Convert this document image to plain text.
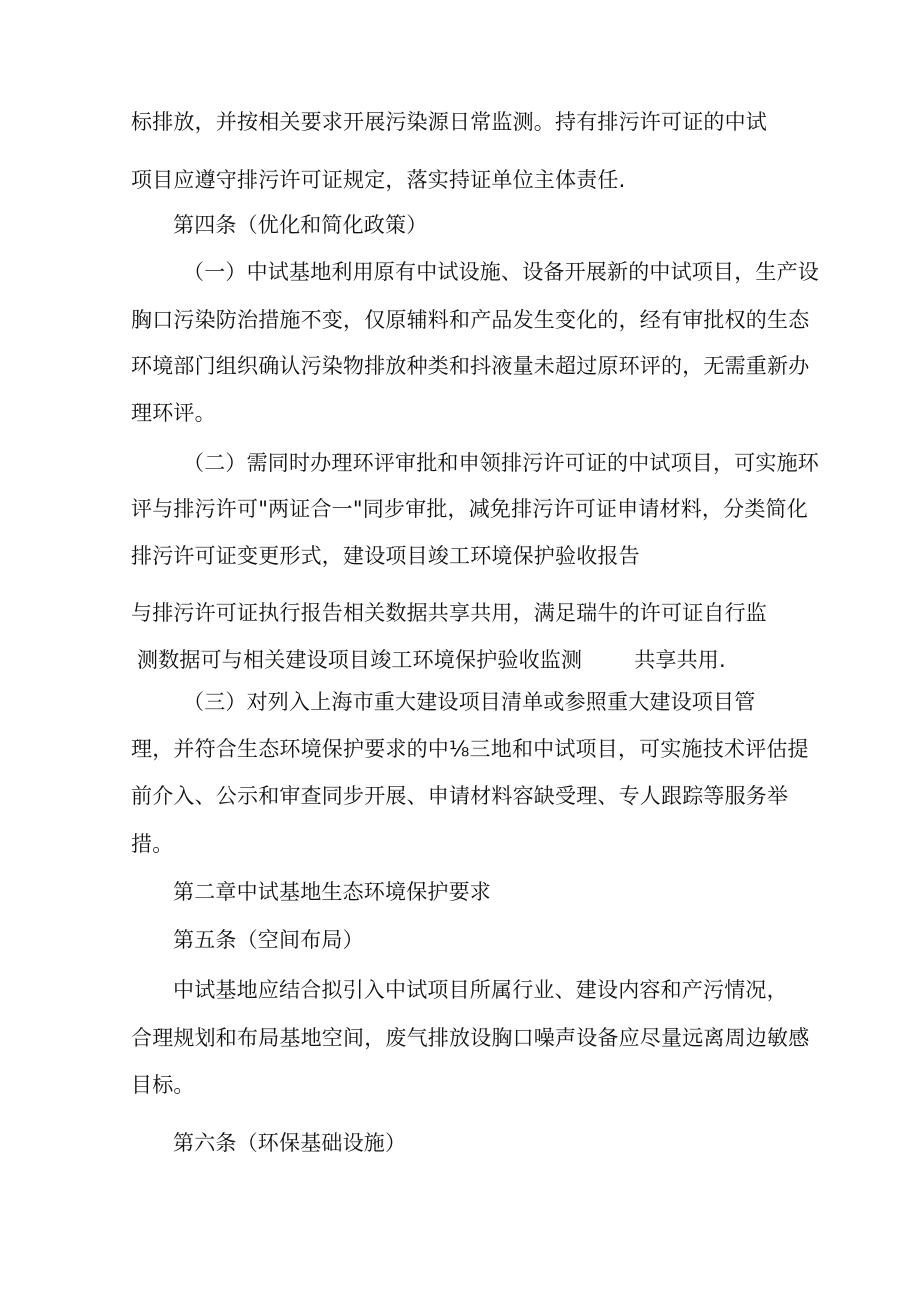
标排放，并按相关要求开展污染源日常监测。持有排污许可证的中试
项目应遵守排污许可证规定，落实持证单位主体责任.
第四条（优化和简化政策）
（一）中试基地利用原有中试设施、设备开展新的中试项目，生产设
胸口污染防治措施不变，仅原辅料和产品发生变化的，经有审批权的生态
环境部门组织确认污染物排放种类和抖液量未超过原环评的，无需重新办
理环评。
（二）需同时办理环评审批和申领排污许可证的中试项目，可实施环
评与排污许可"两证合一"同步审批，减免排污许可证申请材料，分类简化
排污许可证变更形式，建设项目竣工环境保护验收报告
与排污许可证执行报告相关数据共享共用，满足瑞牛的许可证自行监
测数据可与相关建设项目竣工环境保护验收监测 共享共用.
（三）对列入上海市重大建设项目清单或参照重大建设项目管
理，并符合生态环境保护要求的中⅛三地和中试项目，可实施技术评估提
前介入、公示和审查同步开展、申请材料容缺受理、专人跟踪等服务举
措。
第二章中试基地生态环境保护要求
第五条（空间布局）
中试基地应结合拟引入中试项目所属行业、建设内容和产污情况，
合理规划和布局基地空间，废气排放设胸口噪声设备应尽量远离周边敏感
目标。
第六条（环保基础设施）
